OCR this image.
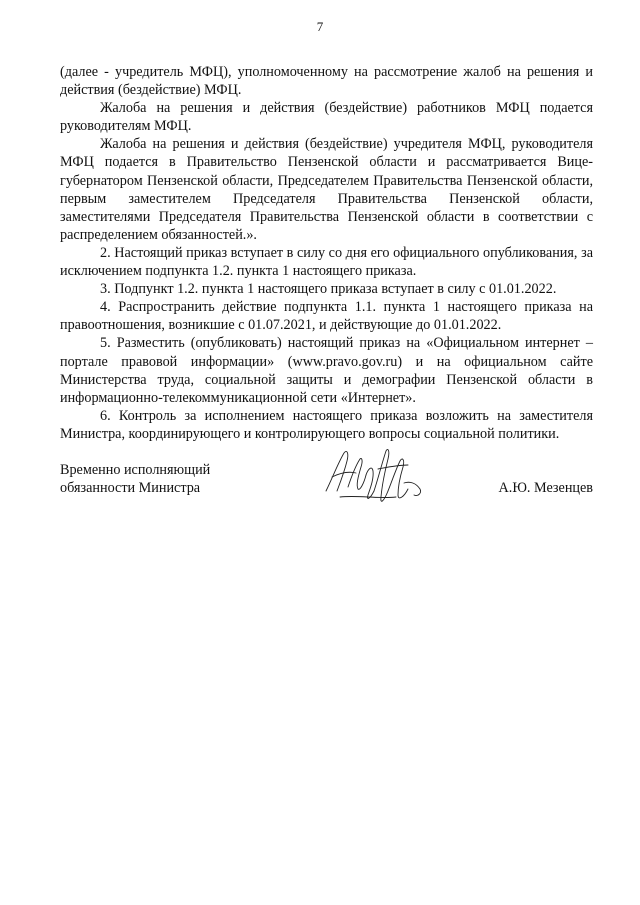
7

(далее - учредитель МФЦ), уполномоченному на рассмотрение жалоб на решения и действия (бездействие) МФЦ.

Жалоба на решения и действия (бездействие) работников МФЦ подается руководителям МФЦ.

Жалоба на решения и действия (бездействие) учредителя МФЦ, руководителя МФЦ подается в Правительство Пензенской области и рассматривается Вице-губернатором Пензенской области, Председателем Правительства Пензенской области, первым заместителем Председателя Правительства Пензенской области, заместителями Председателя Правительства Пензенской области в соответствии с распределением обязанностей.».

2. Настоящий приказ вступает в силу со дня его официального опубликования, за исключением подпункта 1.2. пункта 1 настоящего приказа.

3. Подпункт 1.2. пункта 1 настоящего приказа вступает в силу с 01.01.2022.

4. Распространить действие подпункта 1.1. пункта 1 настоящего приказа на правоотношения, возникшие с 01.07.2021, и действующие до 01.01.2022.

5. Разместить (опубликовать) настоящий приказ на «Официальном интернет – портале правовой информации» (www.pravo.gov.ru) и на официальном сайте Министерства труда, социальной защиты и демографии Пензенской области в информационно-телекоммуникационной сети «Интернет».

6. Контроль за исполнением настоящего приказа возложить на заместителя Министра, координирующего и контролирующего вопросы социальной политики.

Временно исполняющий
обязанности Министра	А.Ю. Мезенцев
